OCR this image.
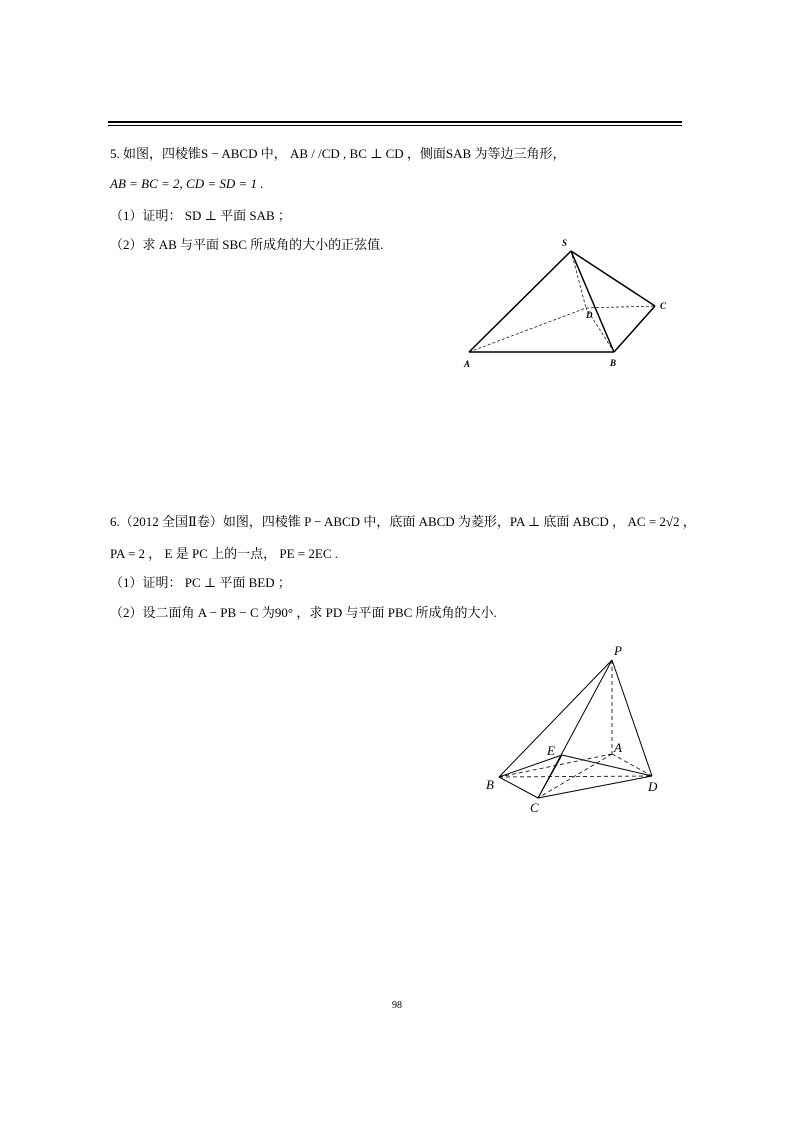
5. 如图，四棱锥S − ABCD 中， AB / /CD , BC ⊥ CD ，侧面SAB 为等边三角形，
AB = BC = 2, CD = SD = 1 .
（1）证明： SD ⊥ 平面 SAB ；
（2）求 AB 与平面 SBC 所成角的大小的正弦值.	S
D
C
A	B
6.（2012 全国Ⅱ卷）如图，四棱锥 P − ABCD 中，底面 ABCD 为菱形，PA ⊥ 底面 ABCD ， AC = 2√2 ，
PA = 2 ， E 是 PC 上的一点， PE = 2EC .
（1）证明： PC ⊥ 平面 BED ；
（2）设二面角 A − PB − C 为90° ，求 PD 与平面 PBC 所成角的大小.
P
E	A
B
C
D
98
